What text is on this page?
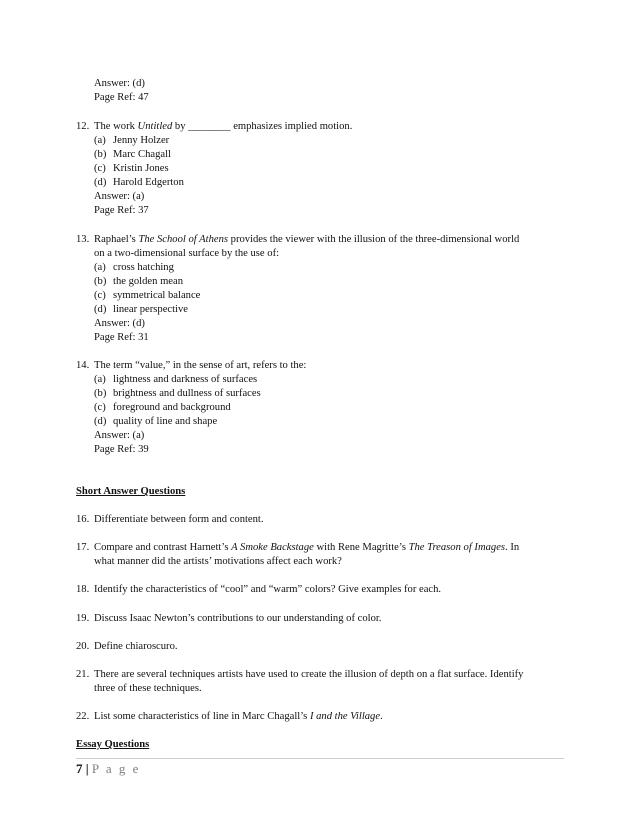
Answer: (d)
Page Ref: 47
12. The work Untitled by ________ emphasizes implied motion.
(a) Jenny Holzer
(b) Marc Chagall
(c) Kristin Jones
(d) Harold Edgerton
Answer: (a)
Page Ref: 37
13. Raphael’s The School of Athens provides the viewer with the illusion of the three-dimensional world
on a two-dimensional surface by the use of:
(a) cross hatching
(b) the golden mean
(c) symmetrical balance
(d) linear perspective
Answer: (d)
Page Ref: 31
14. The term “value,” in the sense of art, refers to the:
(a) lightness and darkness of surfaces
(b) brightness and dullness of surfaces
(c) foreground and background
(d) quality of line and shape
Answer: (a)
Page Ref: 39
Short Answer Questions
16. Differentiate between form and content.
17. Compare and contrast Harnett’s A Smoke Backstage with Rene Magritte’s The Treason of Images. In
what manner did the artists’ motivations affect each work?
18. Identify the characteristics of “cool” and “warm” colors? Give examples for each.
19. Discuss Isaac Newton’s contributions to our understanding of color.
20. Define chiaroscuro.
21. There are several techniques artists have used to create the illusion of depth on a flat surface. Identify
three of these techniques.
22. List some characteristics of line in Marc Chagall’s I and the Village.
Essay Questions
7 | P a g e
